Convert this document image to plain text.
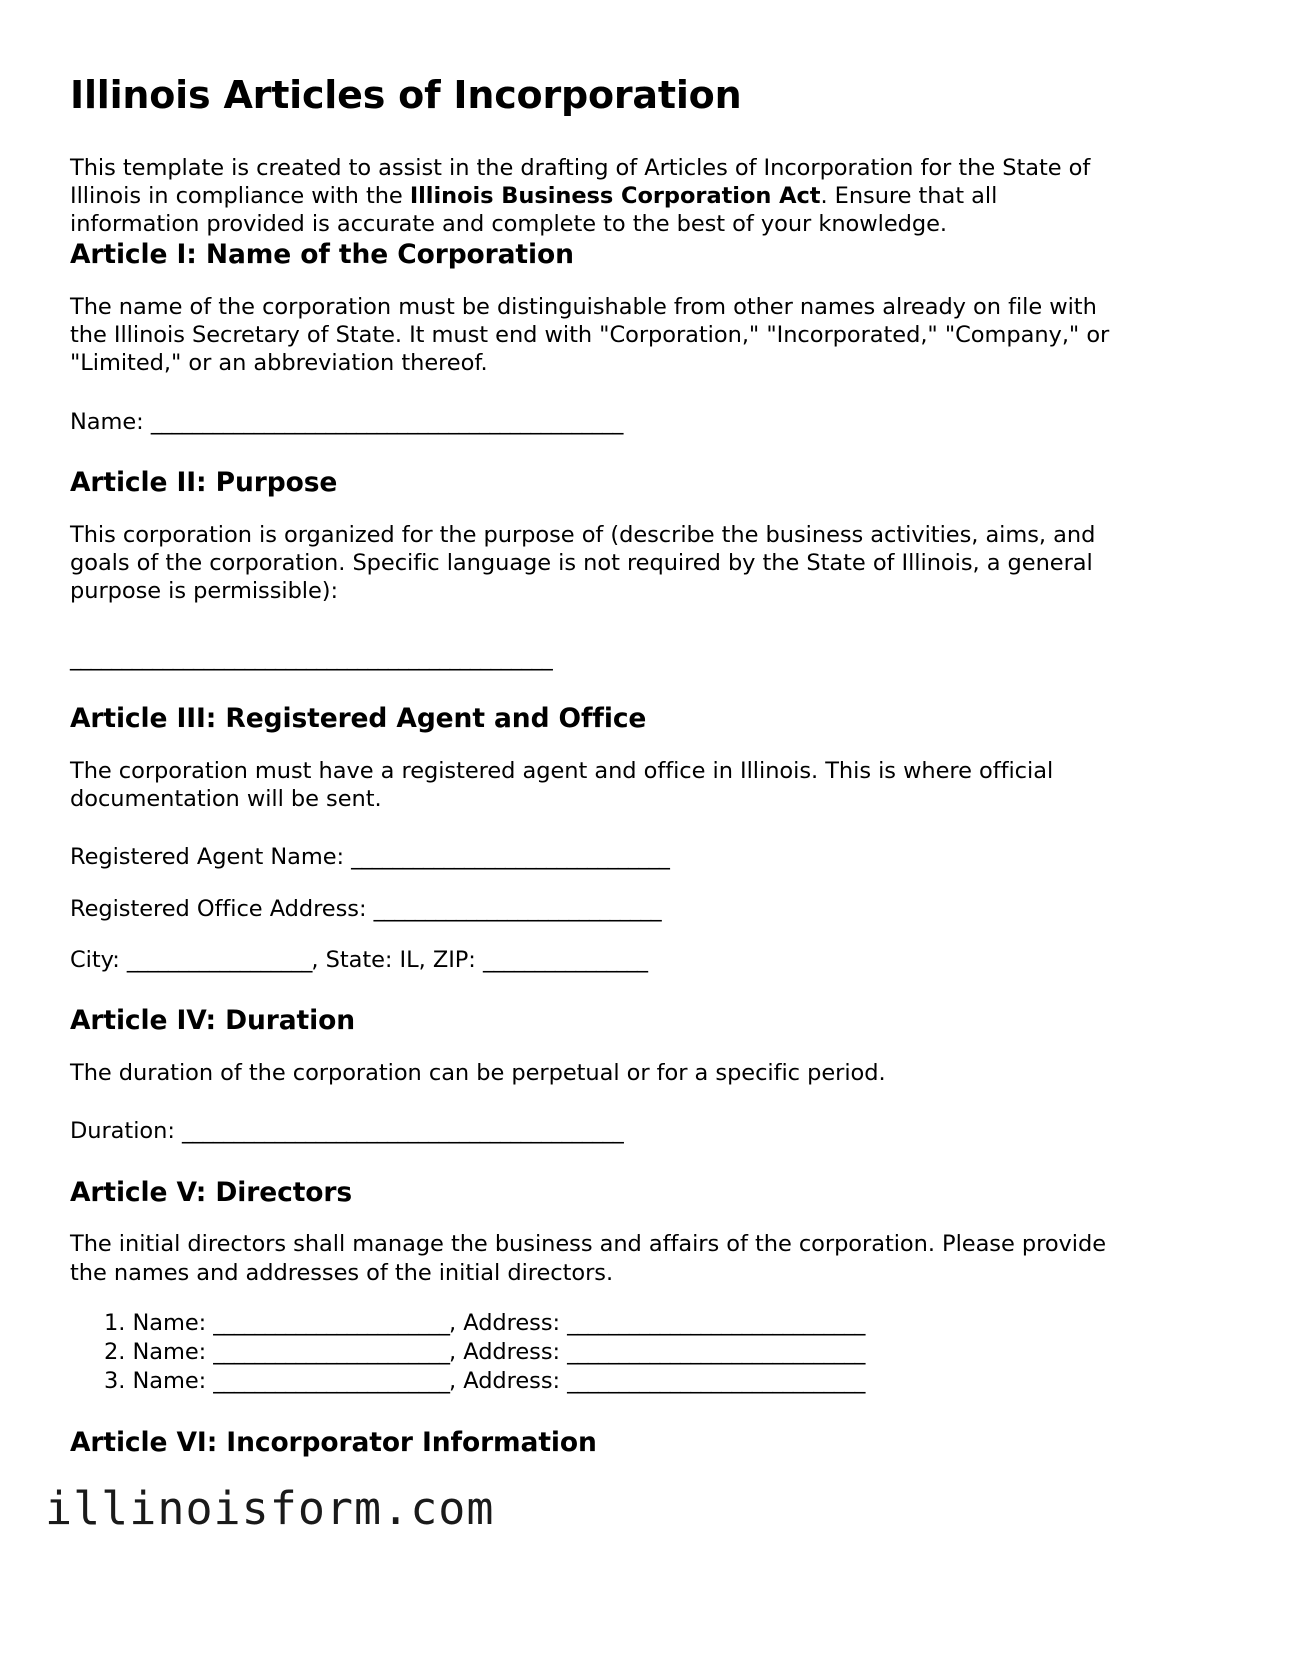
Illinois Articles of Incorporation

This template is created to assist in the drafting of Articles of Incorporation for the State of Illinois in compliance with the Illinois Business Corporation Act. Ensure that all information provided is accurate and complete to the best of your knowledge.

Article I: Name of the Corporation

The name of the corporation must be distinguishable from other names already on file with the Illinois Secretary of State. It must end with "Corporation," "Incorporated," "Company," or "Limited," or an abbreviation thereof.

Name: ______________________________________________

Article II: Purpose

This corporation is organized for the purpose of (describe the business activities, aims, and goals of the corporation. Specific language is not required by the State of Illinois, a general purpose is permissible):

_______________________________________________

Article III: Registered Agent and Office

The corporation must have a registered agent and office in Illinois. This is where official documentation will be sent.

Registered Agent Name: _______________________________

Registered Office Address: ____________________________

City: __________________, State: IL, ZIP: ________________

Article IV: Duration

The duration of the corporation can be perpetual or for a specific period.

Duration: ___________________________________________

Article V: Directors

The initial directors shall manage the business and affairs of the corporation. Please provide the names and addresses of the initial directors.

1. Name: _______________________, Address: _____________________________
2. Name: _______________________, Address: _____________________________
3. Name: _______________________, Address: _____________________________
Article VI: Incorporator Information
illinoisform.com
